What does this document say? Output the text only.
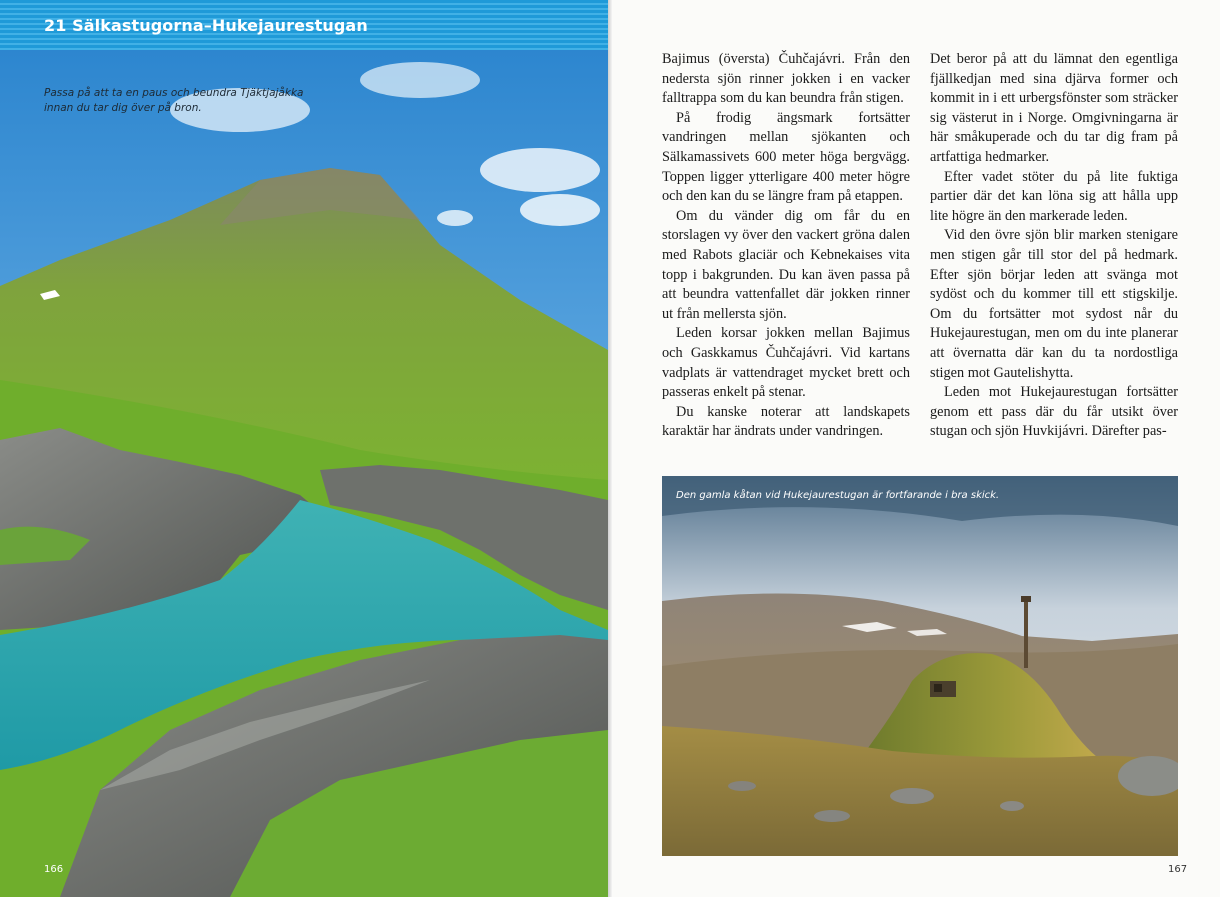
21 Sälkastugorna–Hukejaurestugan
Passa på att ta en paus och beundra Tjäktjajåkka innan du tar dig över på bron.
166

Bajimus (översta) Čuhčajávri. Från den nedersta sjön rinner jokken i en vacker falltrappa som du kan beundra från stigen.

På frodig ängsmark fortsätter vandringen mellan sjökanten och Sälkamassivets 600 meter höga bergvägg. Toppen ligger ytterligare 400 meter högre och den kan du se längre fram på etappen.

Om du vänder dig om får du en storslagen vy över den vackert gröna dalen med Rabots glaciär och Kebnekaises vita topp i bakgrunden. Du kan även passa på att beundra vattenfallet där jokken rinner ut från mellersta sjön.

Leden korsar jokken mellan Bajimus och Gaskkamus Čuhčajávri. Vid kartans vadplats är vattendraget mycket brett och passeras enkelt på stenar.

Du kanske noterar att landskapets karaktär har ändrats under vandringen.

Det beror på att du lämnat den egentliga fjällkedjan med sina djärva former och kommit in i ett urbergsfönster som sträcker sig västerut in i Norge. Omgivningarna är här småkuperade och du tar dig fram på artfattiga hedmarker.

Efter vadet stöter du på lite fuktiga partier där det kan löna sig att hålla upp lite högre än den markerade leden.

Vid den övre sjön blir marken stenigare men stigen går till stor del på hedmark. Efter sjön börjar leden att svänga mot sydöst och du kommer till ett stigskilje. Om du fortsätter mot sydost når du Hukejaurestugan, men om du inte planerar att övernatta där kan du ta nordostliga stigen mot Gautelishytta.

Leden mot Hukejaurestugan fortsätter genom ett pass där du får utsikt över stugan och sjön Huvkijávri. Därefter pas-

Den gamla kåtan vid Hukejaurestugan är fortfarande i bra skick.
167
